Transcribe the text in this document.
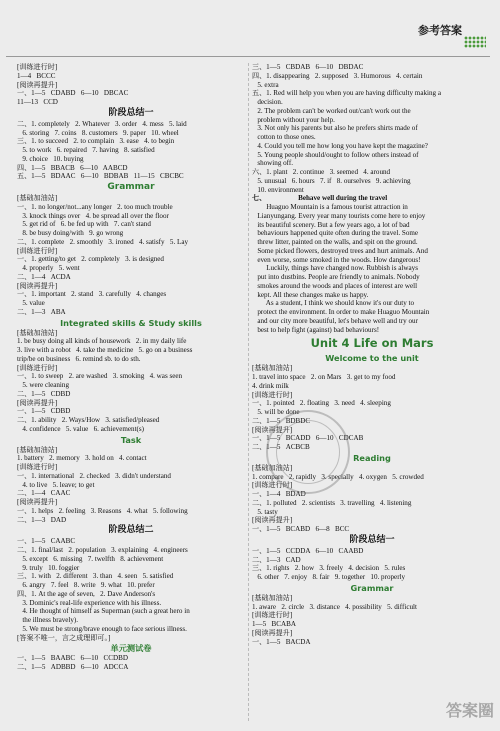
参考答案

[训练进行时]

1—4   BCCC

[阅读再提升]

一、1—5   CDABD   6—10   DBCAC

11—13   CCD

阶段总结一

二、1. completely   2. Whatever   3. order   4. mess   5. laid

6. storing   7. coins   8. customers   9. paper   10. wheel

三、1. to succeed   2. to complain   3. ease   4. to begin

5. to work   6. repaired   7. having   8. satisfied

9. choice   10. buying

四、1—5   BBACB   6—10   AABCD

五、1—5   BDAAC   6—10   BDBAB   11—15   CBCBC

Grammar

[基础加油站]

一、1. no longer/not...any longer   2. too much trouble

3. knock things over   4. be spread all over the floor

5. get rid of   6. be fed up with   7. can't stand

8. be busy doing/with   9. go wrong

二、1. complete   2. smoothly   3. ironed   4. satisfy   5. Lay

[训练进行时]

一、1. getting/to get   2. completely   3. is designed

4. properly   5. went

二、1—4   ACDA

[阅读再提升]

一、1. important   2. stand   3. carefully   4. changes

5. value

二、1—3   ABA

Integrated skills & Study skills

[基础加油站]

1. be busy doing all kinds of housework   2. in my daily life

3. live with a robot   4. take the medicine   5. go on a business

trip/be on business   6. remind sb. to do sth.

[训练进行时]

一、1. to sweep   2. are washed   3. smoking   4. was seen

5. were cleaning

二、1—5   CDBD

[阅读再提升]

一、1—5   CDBD

二、1. ability   2. Ways/How   3. satisfied/pleased

4. confidence   5. value   6. achievement(s)

Task

[基础加油站]

1. battery   2. memory   3. hold on   4. contact

[训练进行时]

一、1. international   2. checked   3. didn't understand

4. to live   5. leave; to get

二、1—4   CAAC

[阅读再提升]

一、1. helps   2. feeling   3. Reasons   4. what   5. following

二、1—3   DAD

阶段总结二

一、1—5   CAABC

二、1. final/last   2. population   3. explaining   4. engineers

5. except   6. missing   7. twelfth   8. achievement

9. truly   10. foggier

三、1. with   2. different   3. than   4. seen   5. satisfied

6. angry   7. feel   8. write   9. what   10. prefer

四、1. At the age of seven,   2. Dave Anderson's

3. Dominic's real-life experience with his illness.

4. He thought of himself as Superman (such a great hero in

the illness bravely).

5. We must be strong/brave enough to face serious illness.

[答案不唯一，言之成理即可。]

单元测试卷

一、1—5   BAABC   6—10   CCDBD

二、1—5   ADBBD   6—10   ADCCA

三、1—5   CBDAB   6—10   DBDAC

四、1. disappearing   2. supposed   3. Humorous   4. certain

5. extra

五、1. Red will help you when you are having difficulty making a

decision.

2. The problem can't be worked out/can't work out the

problem without your help.

3. Not only his parents but also he prefers shirts made of

cotton to those ones.

4. Could you tell me how long you have kept the magazine?

5. Young people should/ought to follow others instead of

showing off.

六、1. plant   2. continue   3. seemed   4. around

5. unusual   6. hours   7. if   8. ourselves   9. achieving

10. environment

七、                  Behave well during the travel

Huaguo Mountain is a famous tourist attraction in

Lianyungang. Every year many tourists come here to enjoy

its beautiful scenery. But a few years ago, a lot of bad

behaviours happened quite often during the travel. Some

threw litter, painted on the walls, and spit on the ground.

Some picked flowers, destroyed trees and hurt animals. And

even worse, some smoked in the woods. How dangerous!

Luckily, things have changed now. Rubbish is always

put into dustbins. People are friendly to animals. Nobody

smokes around the woods and places of interest are well

kept. All these changes make us happy.

As a student, I think we should know it's our duty to

protect the environment. In order to make Huaguo Mountain

and our city more beautiful, let's behave well and try our

best to help fight (against) bad behaviours!

Unit 4 Life on Mars

Welcome to the unit

[基础加油站]

1. travel into space   2. on Mars   3. get to my food

4. drink milk

[训练进行时]

一、1. pointed   2. floating   3. need   4. sleeping

5. will be done

二、1—5   BDBDC

[阅读再提升]

一、1—5   BCADD   6—10   CDCAB

二、1—5   ACBCB

Reading

[基础加油站]

1. compare   2. rapidly   3. specially   4. oxygen   5. crowded

[训练进行时]

一、1—4   BDAD

二、1. polluted   2. scientists   3. travelling   4. listening

5. tasty

[阅读再提升]

一、1—5   BCABD   6—8   BCC

阶段总结一

一、1—5   CCDDA   6—10   CAABD

二、1—3   CAD

三、1. rights   2. how   3. freely   4. decision   5. rules

6. other   7. enjoy   8. fair   9. together   10. properly

Grammar

[基础加油站]

1. aware   2. circle   3. distance   4. possibility   5. difficult

[训练进行时]

1—5   BCABA

[阅读再提升]

一、1—5   BACDA

答案圈
